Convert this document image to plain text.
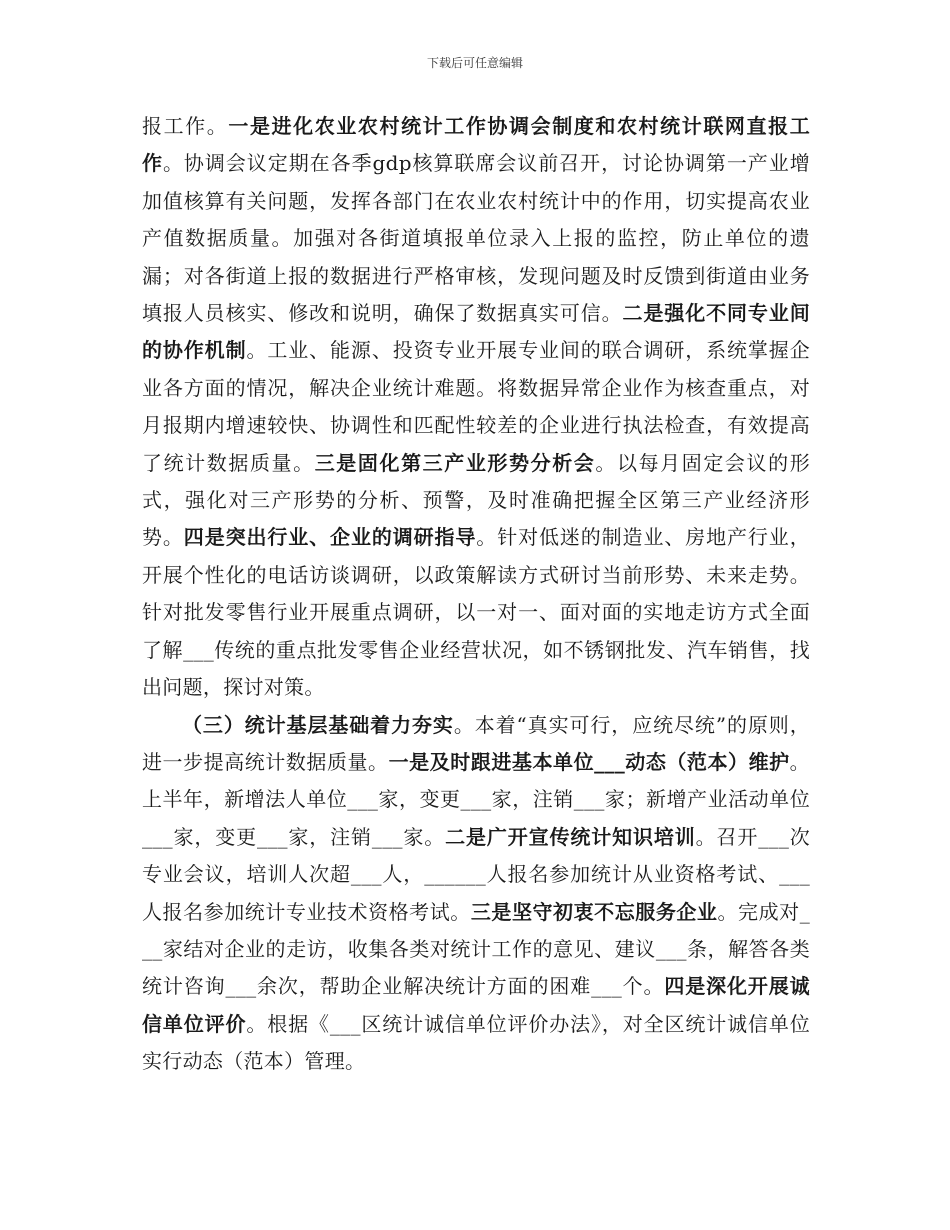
下载后可任意编辑

报工作。一是进化农业农村统计工作协调会制度和农村统计联网直报工作。协调会议定期在各季gdp核算联席会议前召开，讨论协调第一产业增加值核算有关问题，发挥各部门在农业农村统计中的作用，切实提高农业产值数据质量。加强对各街道填报单位录入上报的监控，防止单位的遗漏；对各街道上报的数据进行严格审核，发现问题及时反馈到街道由业务填报人员核实、修改和说明，确保了数据真实可信。二是强化不同专业间的协作机制。工业、能源、投资专业开展专业间的联合调研，系统掌握企业各方面的情况，解决企业统计难题。将数据异常企业作为核查重点，对月报期内增速较快、协调性和匹配性较差的企业进行执法检查，有效提高了统计数据质量。三是固化第三产业形势分析会。以每月固定会议的形式，强化对三产形势的分析、预警，及时准确把握全区第三产业经济形势。四是突出行业、企业的调研指导。针对低迷的制造业、房地产行业，开展个性化的电话访谈调研，以政策解读方式研讨当前形势、未来走势。针对批发零售行业开展重点调研，以一对一、面对面的实地走访方式全面了解___传统的重点批发零售企业经营状况，如不锈钢批发、汽车销售，找出问题，探讨对策。

（三）统计基层基础着力夯实。本着“真实可行，应统尽统”的原则，进一步提高统计数据质量。一是及时跟进基本单位___动态（范本）维护。上半年，新增法人单位___家，变更___家，注销___家；新增产业活动单位___家，变更___家，注销___家。二是广开宣传统计知识培训。召开___次专业会议，培训人次超___人，______人报名参加统计从业资格考试、___人报名参加统计专业技术资格考试。三是坚守初衷不忘服务企业。完成对___家结对企业的走访，收集各类对统计工作的意见、建议___条，解答各类统计咨询___余次，帮助企业解决统计方面的困难___个。四是深化开展诚信单位评价。根据《___区统计诚信单位评价办法》，对全区统计诚信单位实行动态（范本）管理。
